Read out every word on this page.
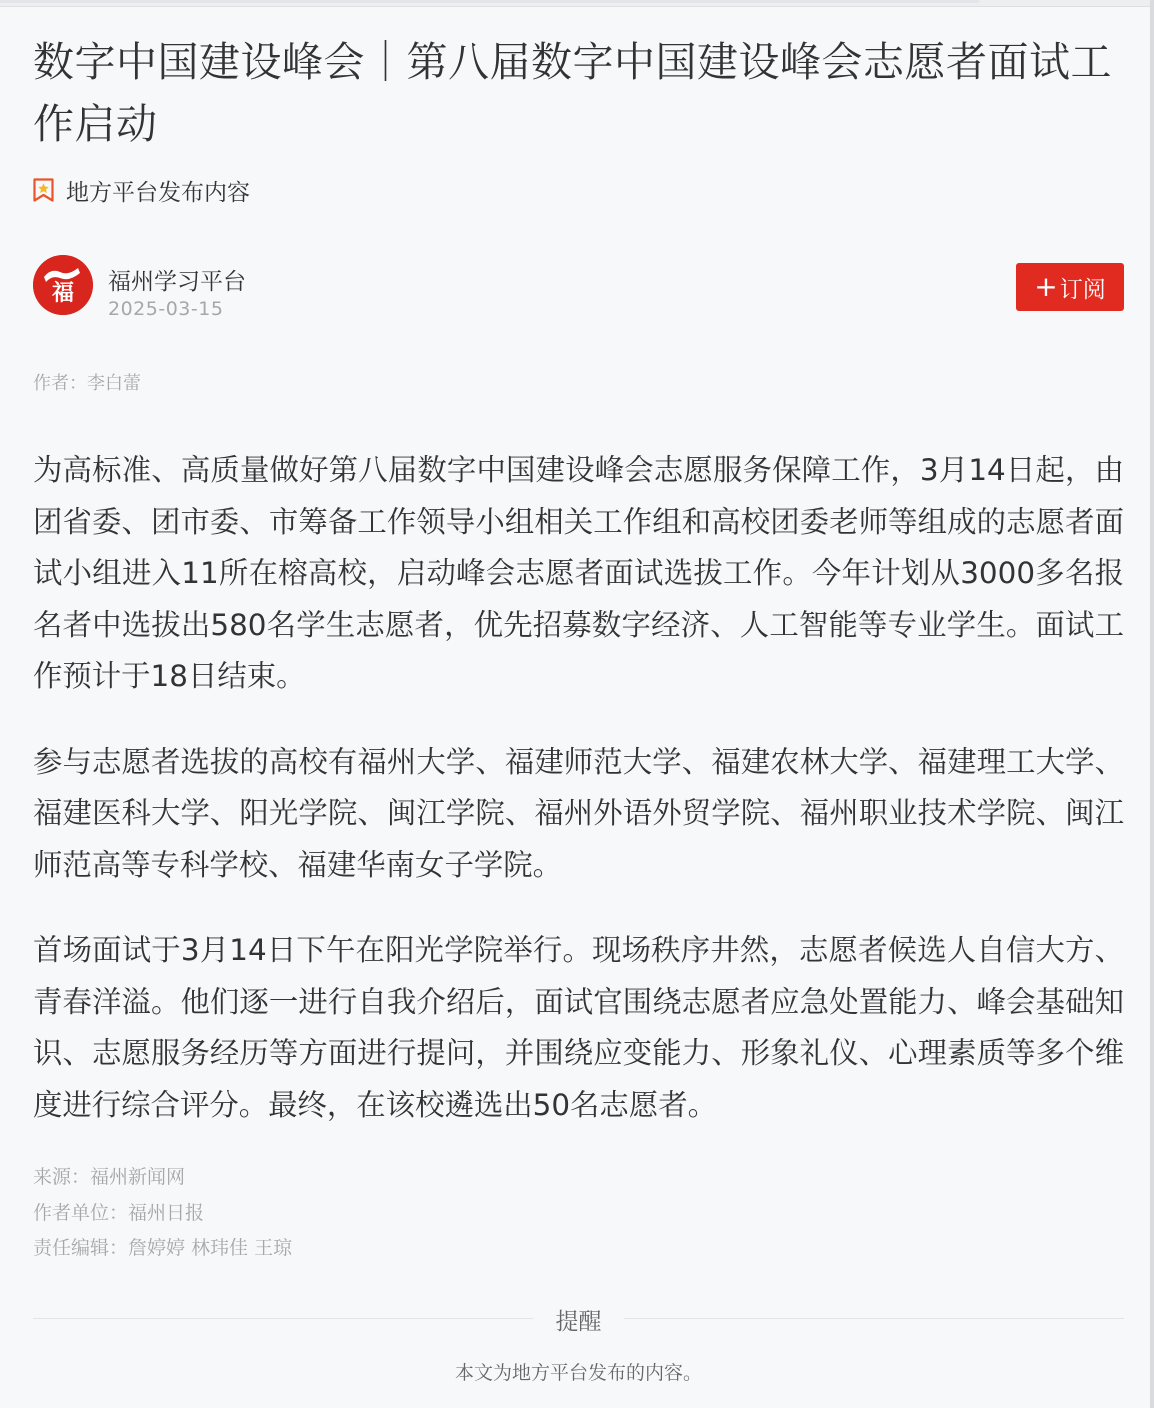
数字中国建设峰会｜第八届数字中国建设峰会志愿者面试工作启动
地方平台发布内容
福 福州学习平台
2025-03-15
+ 订阅
作者：李白蕾

为高标准、高质量做好第八届数字中国建设峰会志愿服务保障工作，3月14日起，由团省委、团市委、市筹备工作领导小组相关工作组和高校团委老师等组成的志愿者面试小组进入11所在榕高校，启动峰会志愿者面试选拔工作。今年计划从3000多名报名者中选拔出580名学生志愿者，优先招募数字经济、人工智能等专业学生。面试工作预计于18日结束。

参与志愿者选拔的高校有福州大学、福建师范大学、福建农林大学、福建理工大学、福建医科大学、阳光学院、闽江学院、福州外语外贸学院、福州职业技术学院、闽江师范高等专科学校、福建华南女子学院。

首场面试于3月14日下午在阳光学院举行。现场秩序井然，志愿者候选人自信大方、青春洋溢。他们逐一进行自我介绍后，面试官围绕志愿者应急处置能力、峰会基础知识、志愿服务经历等方面进行提问，并围绕应变能力、形象礼仪、心理素质等多个维度进行综合评分。最终，在该校遴选出50名志愿者。

来源：福州新闻网
作者单位：福州日报
责任编辑：詹婷婷 林玮佳 王琼
提醒
本文为地方平台发布的内容。
